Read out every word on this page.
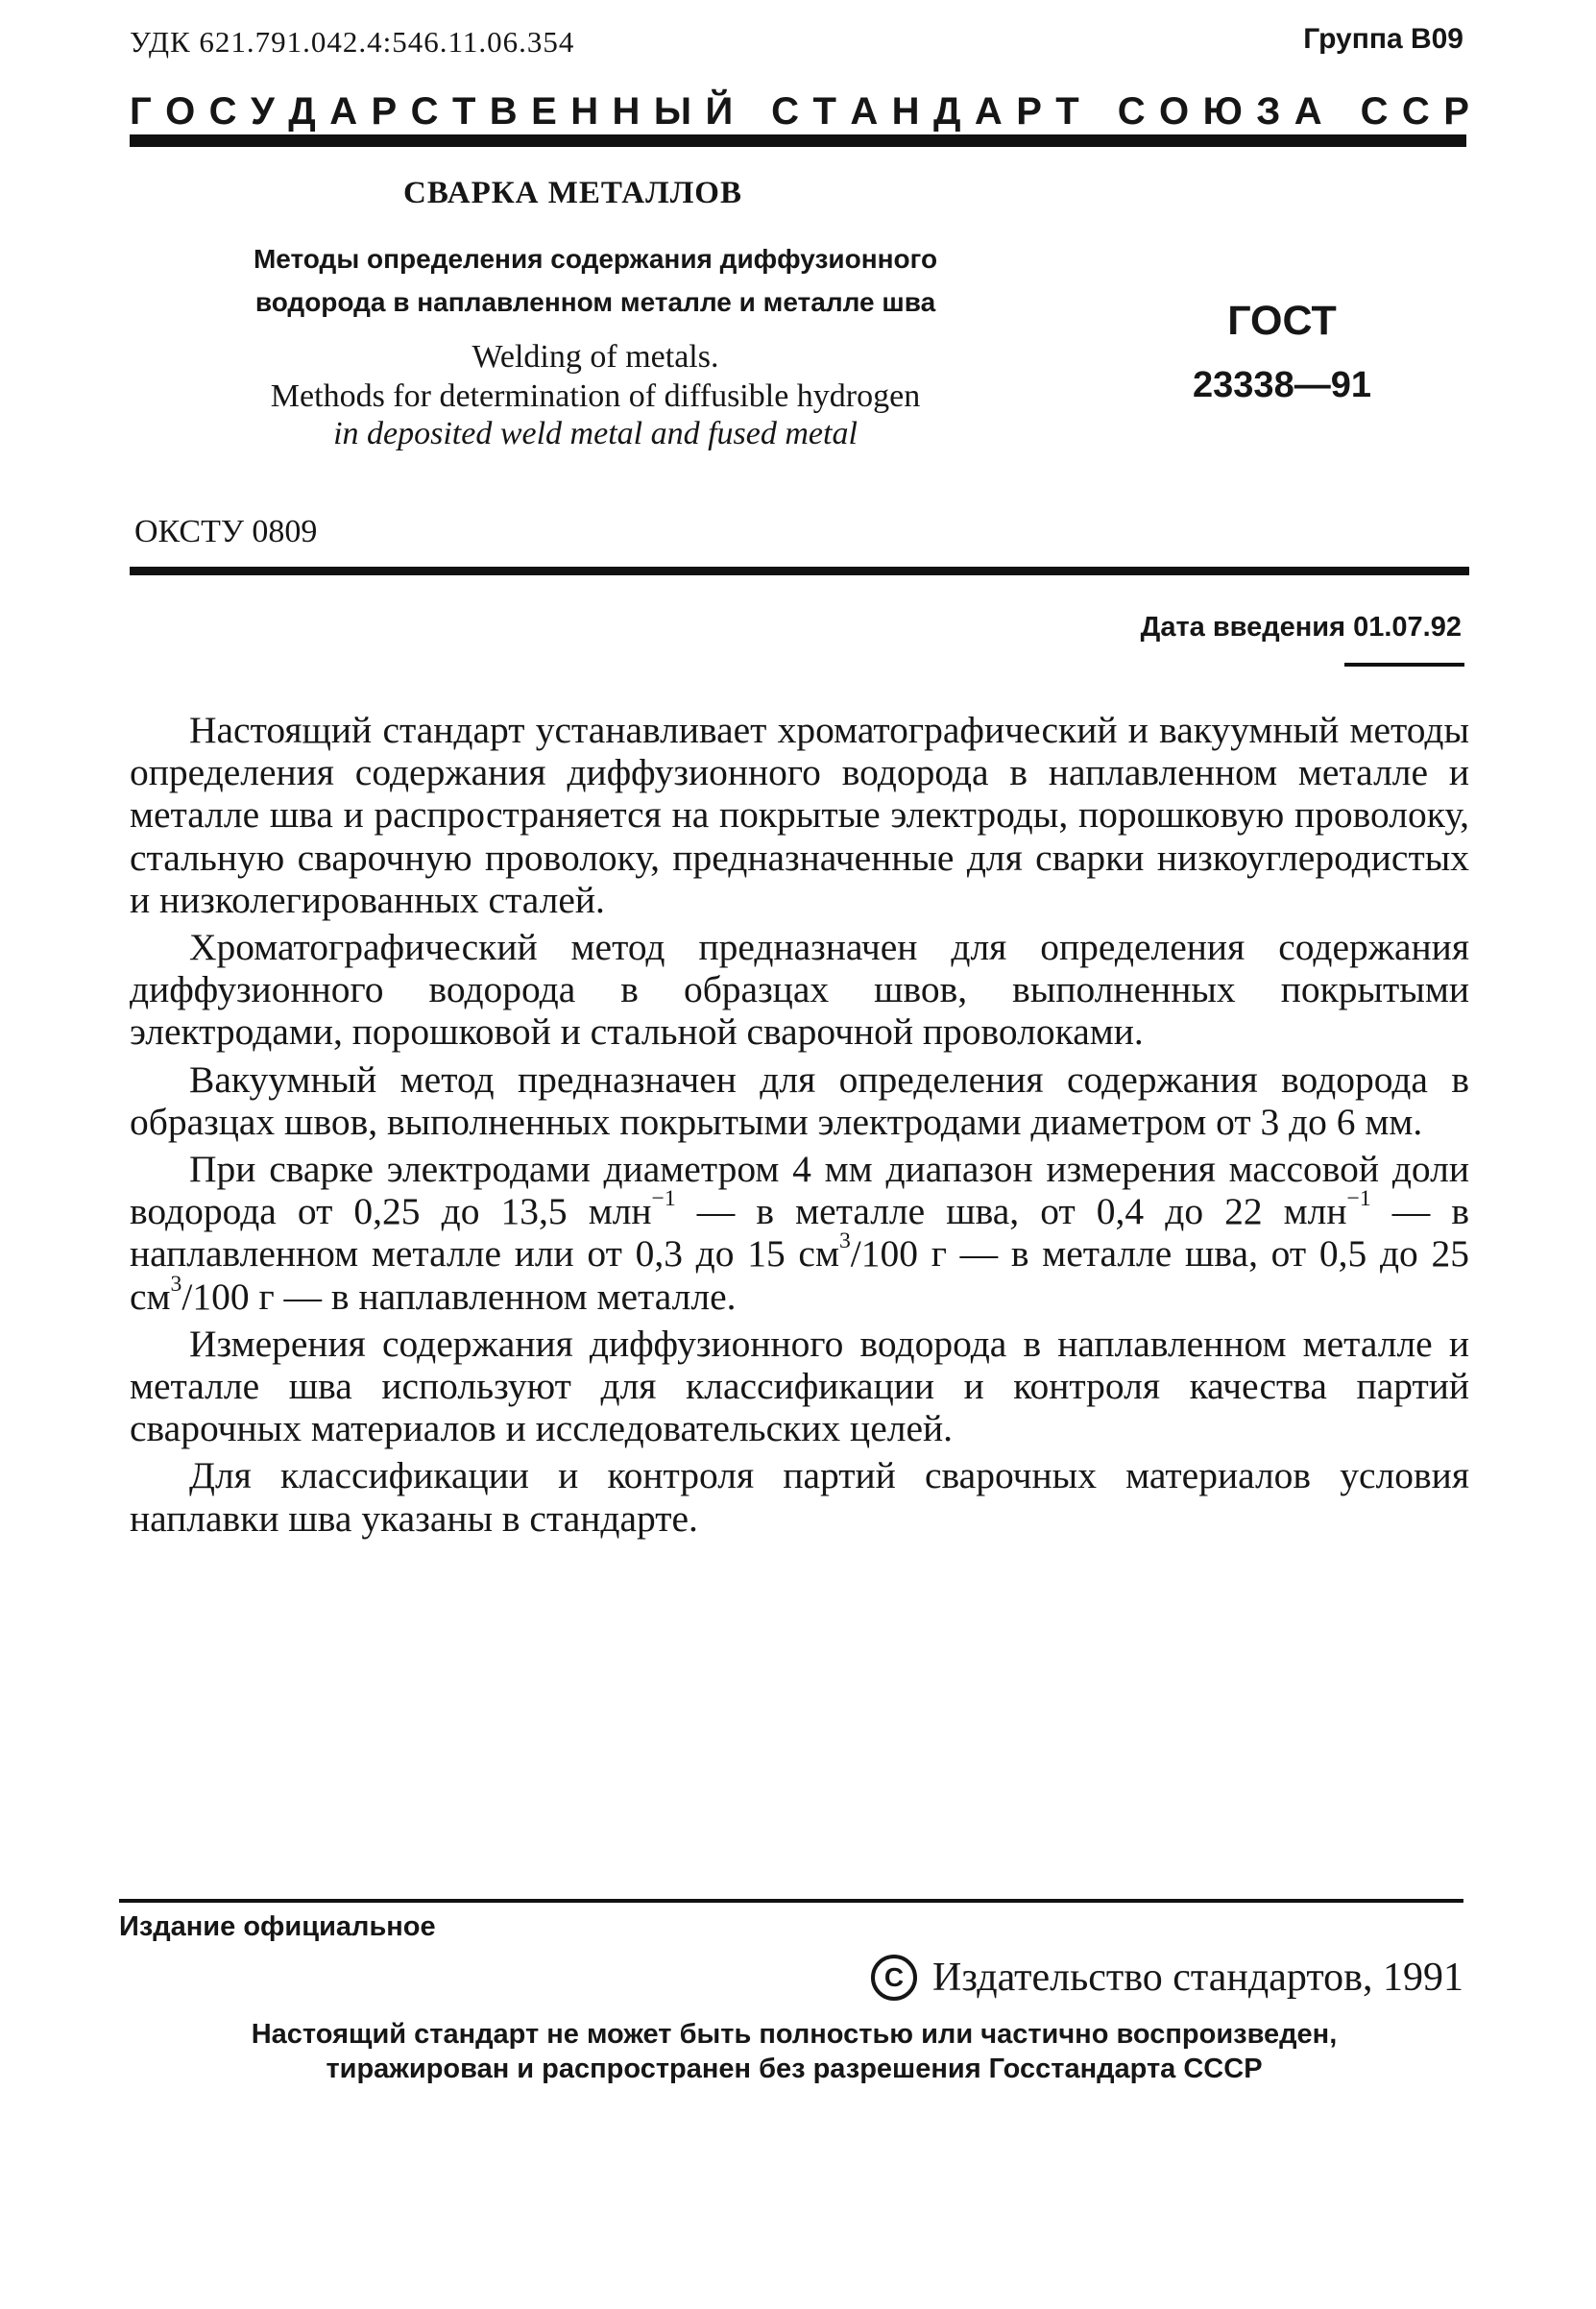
УДК 621.791.042.4:546.11.06.354	Группа В09
Г О С У Д А Р С Т В Е Н Н Ы Й
С Т А Н Д А Р Т
С О Ю З А
С С Р
СВАРКА МЕТАЛЛОВ
Методы определения содержания диффузионного
водорода в наплавленном металле и металле шва
Welding of metals.
Methods for determination of diffusible hydrogen
in deposited weld metal and fused metal
ГОСТ
23338—91
ОКСТУ 0809
Дата введения 01.07.92

Настоящий стандарт устанавливает хроматографический и вакуумный методы определения содержания диффузионного водорода в наплавленном металле и металле шва и распространяется на покрытые электроды, порошковую проволоку, стальную сварочную проволоку, предназначенные для сварки низкоуглеродистых и низколегированных сталей.

Хроматографический метод предназначен для определения содержания диффузионного водорода в образцах швов, выполненных покрытыми электродами, порошковой и стальной сварочной проволоками.

Вакуумный метод предназначен для определения содержания водорода в образцах швов, выполненных покрытыми электродами диаметром от 3 до 6 мм.

При сварке электродами диаметром 4 мм диапазон измерения массовой доли водорода от 0,25 до 13,5 млн$^{-1}$ — в металле шва, от 0,4 до 22 млн$^{-1}$ — в наплавленном металле или от 0,3 до 15 $см^3/100$ г — в металле шва, от 0,5 до 25 $см^3/100$ г — в наплавленном металле.

Измерения содержания диффузионного водорода в наплавленном металле и металле шва используют для классификации и контроля качества партий сварочных материалов и исследовательских целей.

Для классификации и контроля партий сварочных материалов условия наплавки шва указаны в стандарте.

Издание официальное
C Издательство стандартов, 1991
Настоящий стандарт не может быть полностью или частично воспроизведен,
тиражирован и распространен без разрешения Госстандарта СССР
